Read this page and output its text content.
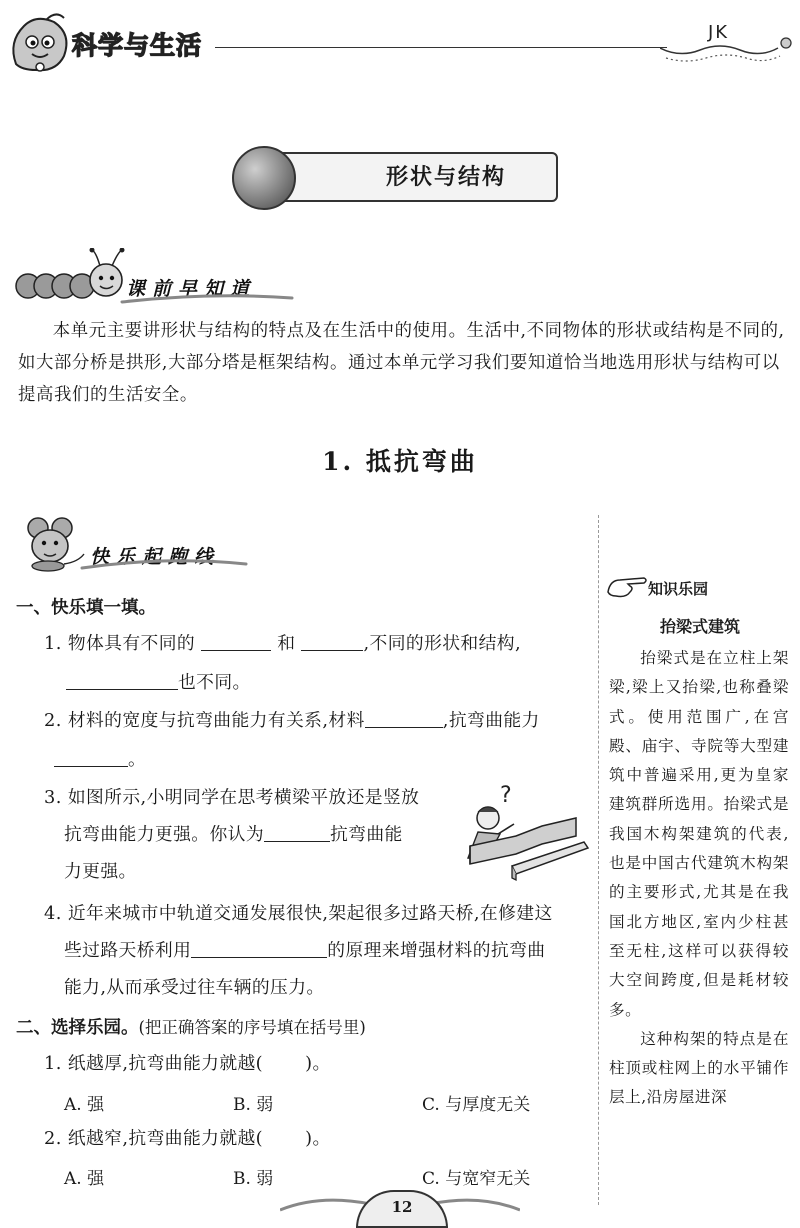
科学与生活	JK
形状与结构
课前早知道

本单元主要讲形状与结构的特点及在生活中的使用。生活中,不同物体的形状或结构是不同的,如大部分桥是拱形,大部分塔是框架结构。通过本单元学习我们要知道恰当地选用形状与结构可以提高我们的生活安全。

1. 抵抗弯曲
快乐起跑线
一、快乐填一填。
1. 物体具有不同的	和	,不同的形状和结构,
也不同。
2. 材料的宽度与抗弯曲能力有关系,材料	,抗弯曲能力
。
3. 如图所示,小明同学在思考横梁平放还是竖放
抗弯曲能力更强。你认为	抗弯曲能
力更强。
?
4. 近年来城市中轨道交通发展很快,架起很多过路天桥,在修建这
些过路天桥利用	的原理来增强材料的抗弯曲
能力,从而承受过往车辆的压力。
二、选择乐园。(把正确答案的序号填在括号里)
1. 纸越厚,抗弯曲能力就越( )。
A. 强	B. 弱	C. 与厚度无关
2. 纸越窄,抗弯曲能力就越( )。
A. 强	B. 弱	C. 与宽窄无关
知识乐园
抬梁式建筑

抬梁式是在立柱上架梁,梁上又抬梁,也称叠梁式。使用范围广,在宫殿、庙宇、寺院等大型建筑中普遍采用,更为皇家建筑群所选用。抬梁式是我国木构架建筑的代表,也是中国古代建筑木构架的主要形式,尤其是在我国北方地区,室内少柱甚至无柱,这样可以获得较大空间跨度,但是耗材较多。

这种构架的特点是在柱顶或柱网上的水平铺作层上,沿房屋进深

12
